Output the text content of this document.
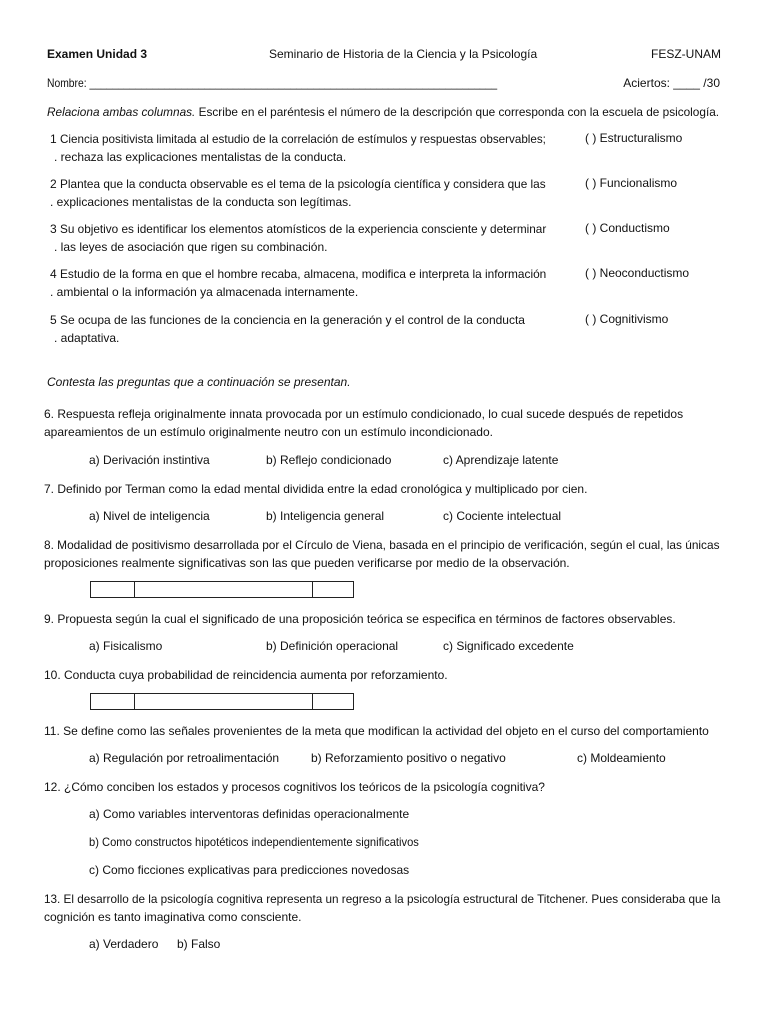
Examen Unidad 3	Seminario de Historia de la Ciencia y la Psicología	FESZ-UNAM
Nombre: _______________________________________________________________________	Aciertos: ____ /30
Relaciona ambas columnas. Escribe en el paréntesis el número de la descripción que corresponda con la escuela de psicología.
1 Ciencia positivista limitada al estudio de la correlación de estímulos y respuestas observables;
. rechaza las explicaciones mentalistas de la conducta.
( ) Estructuralismo
2 Plantea que la conducta observable es el tema de la psicología científica y considera que las
. explicaciones mentalistas de la conducta son legítimas.
( ) Funcionalismo
3 Su objetivo es identificar los elementos atomísticos de la experiencia consciente y determinar
. las leyes de asociación que rigen su combinación.
( ) Conductismo
4 Estudio de la forma en que el hombre recaba, almacena, modifica e interpreta la información
. ambiental o la información ya almacenada internamente.
( ) Neoconductismo
5 Se ocupa de las funciones de la conciencia en la generación y el control de la conducta
. adaptativa.
( ) Cognitivismo
Contesta las preguntas que a continuación se presentan.
6. Respuesta refleja originalmente innata provocada por un estímulo condicionado, lo cual sucede después de repetidos apareamientos de un estímulo originalmente neutro con un estímulo incondicionado.
a) Derivación instintiva	b) Reflejo condicionado	c) Aprendizaje latente
7. Definido por Terman como la edad mental dividida entre la edad cronológica y multiplicado por cien.
a) Nivel de inteligencia	b) Inteligencia general	c) Cociente intelectual
8. Modalidad de positivismo desarrollada por el Círculo de Viena, basada en el principio de verificación, según el cual, las únicas proposiciones realmente significativas son las que pueden verificarse por medio de la observación.
9. Propuesta según la cual el significado de una proposición teórica se especifica en términos de factores observables.
a) Fisicalismo	b) Definición operacional	c) Significado excedente
10. Conducta cuya probabilidad de reincidencia aumenta por reforzamiento.
11. Se define como las señales provenientes de la meta que modifican la actividad del objeto en el curso del comportamiento
a) Regulación por retroalimentación	b) Reforzamiento positivo o negativo	c) Moldeamiento
12. ¿Cómo conciben los estados y procesos cognitivos los teóricos de la psicología cognitiva?
a) Como variables interventoras definidas operacionalmente
b) Como constructos hipotéticos independientemente significativos
c) Como ficciones explicativas para predicciones novedosas
13. El desarrollo de la psicología cognitiva representa un regreso a la psicología estructural de Titchener. Pues consideraba que la cognición es tanto imaginativa como consciente.
a) Verdadero b) Falso
